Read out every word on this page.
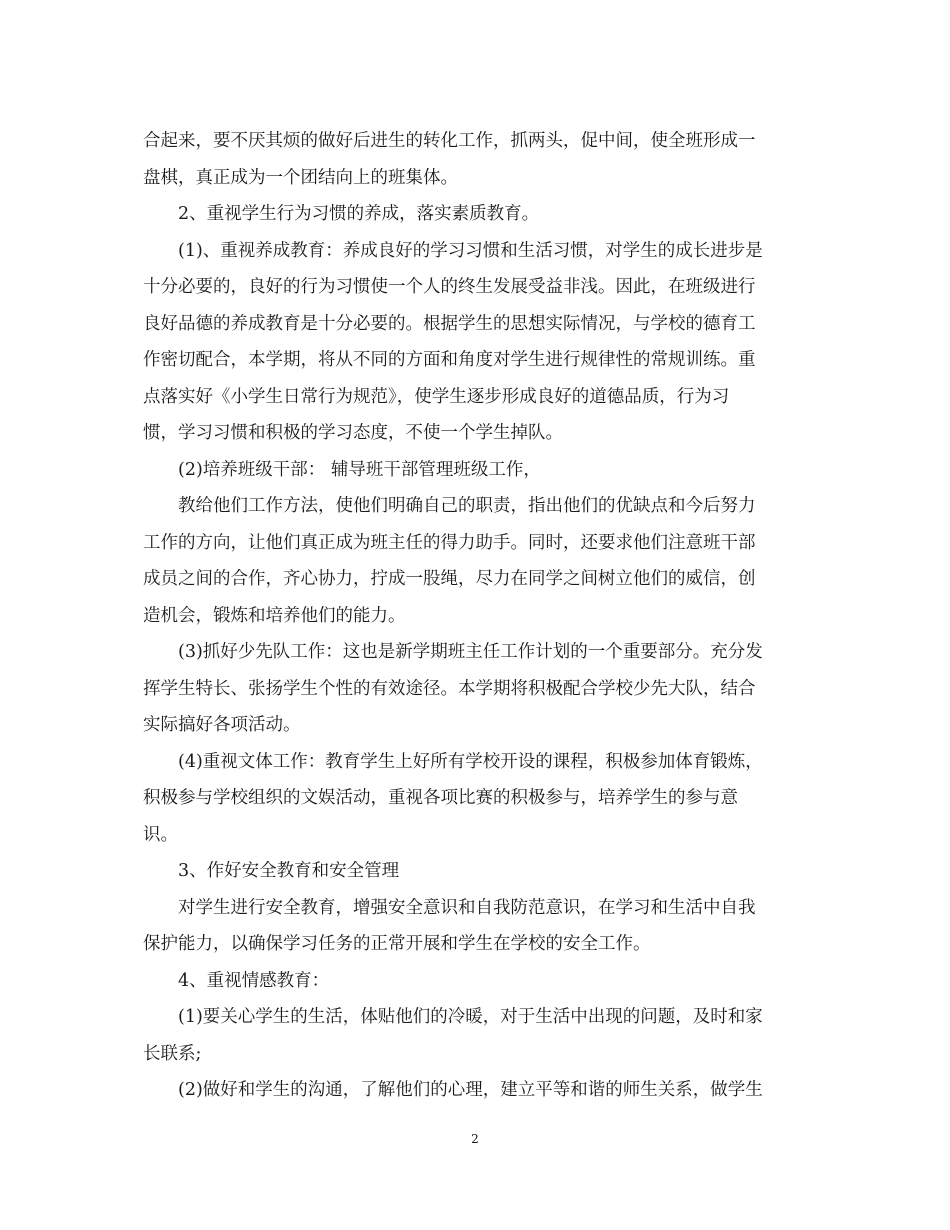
合起来，要不厌其烦的做好后进生的转化工作，抓两头，促中间，使全班形成一
盘棋，真正成为一个团结向上的班集体。
2、重视学生行为习惯的养成，落实素质教育。
(1)、重视养成教育：养成良好的学习习惯和生活习惯，对学生的成长进步是
十分必要的，良好的行为习惯使一个人的终生发展受益非浅。因此，在班级进行
良好品德的养成教育是十分必要的。根据学生的思想实际情况，与学校的德育工
作密切配合，本学期，将从不同的方面和角度对学生进行规律性的常规训练。重
点落实好《小学生日常行为规范》，使学生逐步形成良好的道德品质，行为习
惯，学习习惯和积极的学习态度，不使一个学生掉队。
(2)培养班级干部： 辅导班干部管理班级工作，
教给他们工作方法，使他们明确自己的职责，指出他们的优缺点和今后努力
工作的方向，让他们真正成为班主任的得力助手。同时，还要求他们注意班干部
成员之间的合作，齐心协力，拧成一股绳，尽力在同学之间树立他们的威信，创
造机会，锻炼和培养他们的能力。
(3)抓好少先队工作：这也是新学期班主任工作计划的一个重要部分。充分发
挥学生特长、张扬学生个性的有效途径。本学期将积极配合学校少先大队，结合
实际搞好各项活动。
(4)重视文体工作：教育学生上好所有学校开设的课程，积极参加体育锻炼，
积极参与学校组织的文娱活动，重视各项比赛的积极参与，培养学生的参与意
识。
3、作好安全教育和安全管理
对学生进行安全教育，增强安全意识和自我防范意识，在学习和生活中自我
保护能力，以确保学习任务的正常开展和学生在学校的安全工作。
4、重视情感教育：
(1)要关心学生的生活，体贴他们的冷暖，对于生活中出现的问题，及时和家
长联系;
(2)做好和学生的沟通，了解他们的心理，建立平等和谐的师生关系，做学生
2
